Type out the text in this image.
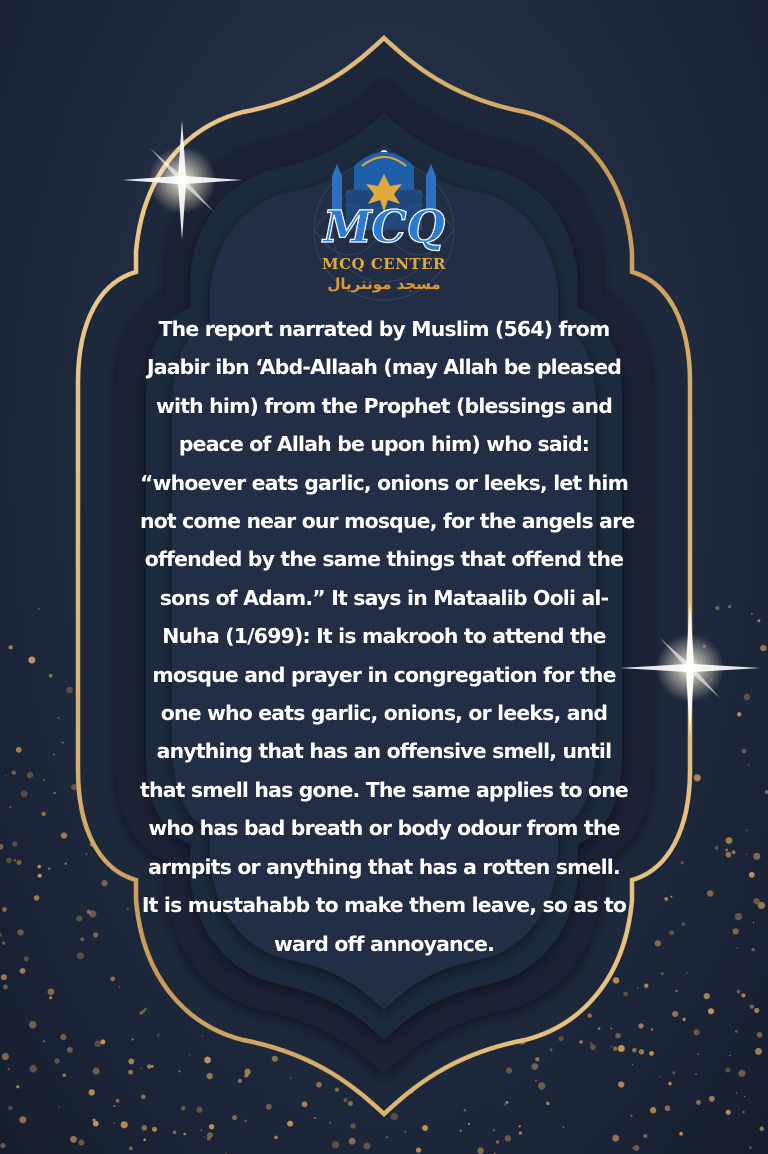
MCQ
MCQ CENTER
مسجد مونتريال
The report narrated by Muslim (564) from
Jaabir ibn ‘Abd-Allaah (may Allah be pleased
with him) from the Prophet (blessings and
peace of Allah be upon him) who said:
“whoever eats garlic, onions or leeks, let him
not come near our mosque, for the angels are
offended by the same things that offend the
sons of Adam.” It says in Mataalib Ooli al-
Nuha (1/699): It is makrooh to attend the
mosque and prayer in congregation for the
one who eats garlic, onions, or leeks, and
anything that has an offensive smell, until
that smell has gone. The same applies to one
who has bad breath or body odour from the
armpits or anything that has a rotten smell.
It is mustahabb to make them leave, so as to
ward off annoyance.
